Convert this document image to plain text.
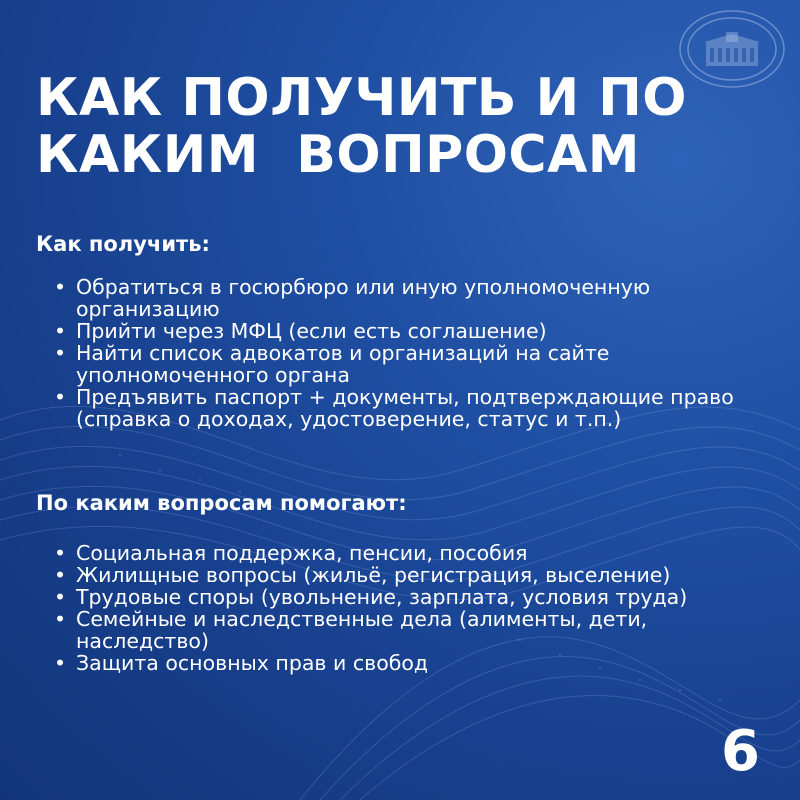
КАК ПОЛУЧИТЬ И ПО
КАКИМ  ВОПРОСАМ
Как получить:
• Обратиться в госюрбюро или иную уполномоченную организацию
• Прийти через МФЦ (если есть соглашение)
• Найти список адвокатов и организаций на сайте уполномоченного органа
• Предъявить паспорт + документы, подтверждающие право (справка о доходах, удостоверение, статус и т.п.)
По каким вопросам помогают:
• Социальная поддержка, пенсии, пособия
• Жилищные вопросы (жильё, регистрация, выселение)
• Трудовые споры (увольнение, зарплата, условия труда)
• Семейные и наследственные дела (алименты, дети, наследство)
• Защита основных прав и свобод
6
